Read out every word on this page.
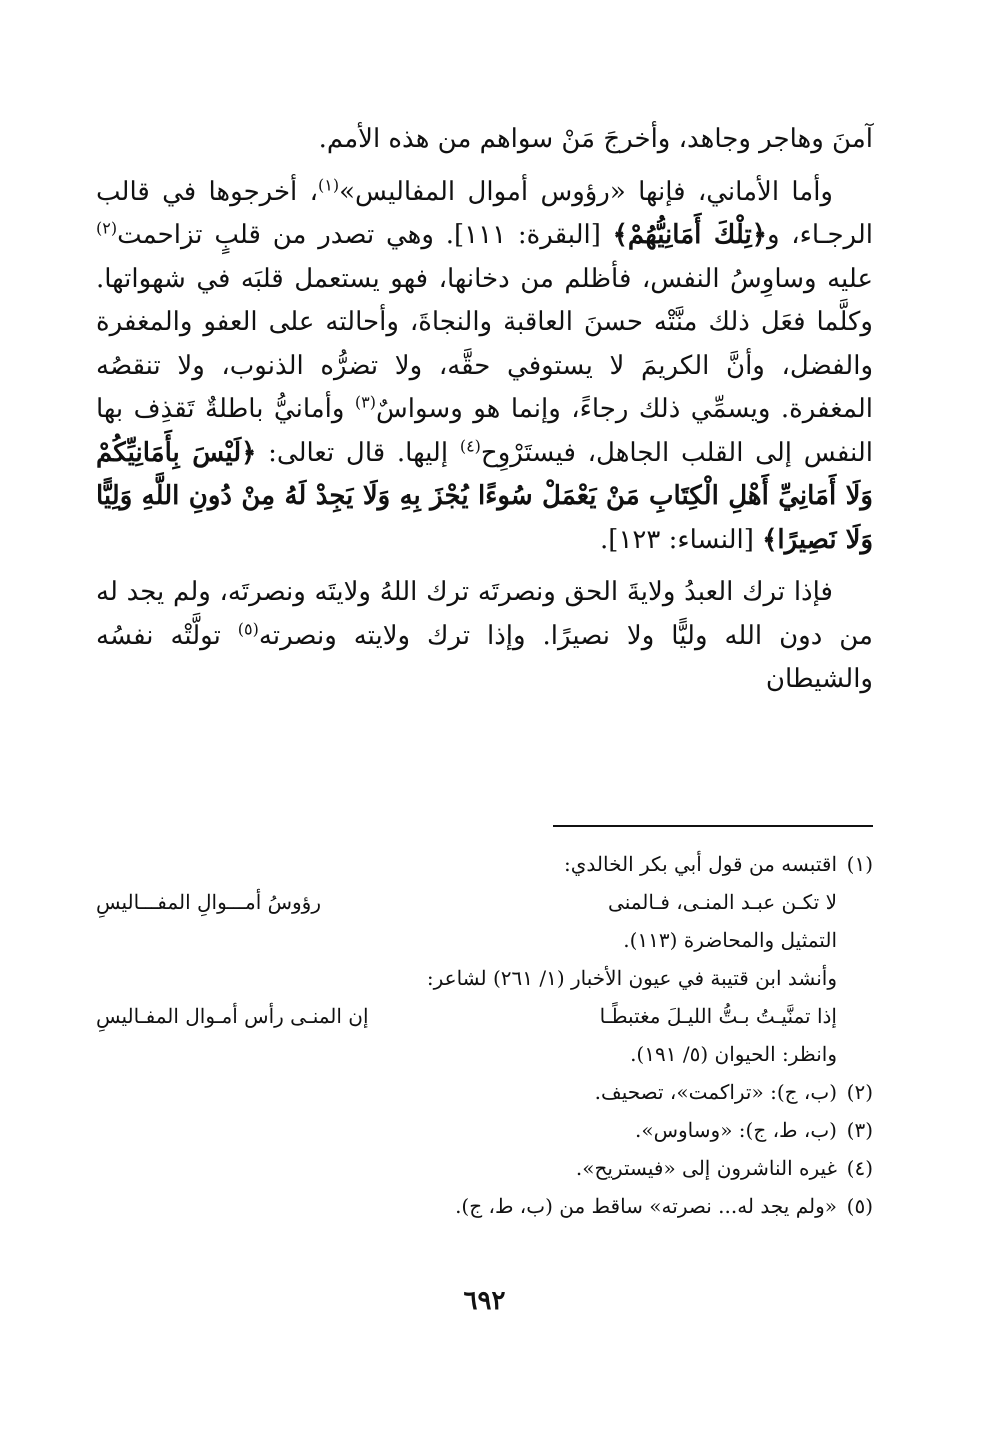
آمنَ وهاجر وجاهد، وأخرجَ مَنْ سواهم من هذه الأمم.

وأما الأماني، فإنها «رؤوس أموال المفاليس»$^{(١)}$، أخرجوها في قالب الرجـاء، و﴿تِلْكَ أَمَانِيُّهُمْ﴾ [البقرة: ١١١]. وهي تصدر من قلبٍ تزاحمت$^{(٢)}$ عليه وساوِسُ النفس، فأظلم من دخانها، فهو يستعمل قلبَه في شهواتها. وكلَّما فعَل ذلك منَّتْه حسنَ العاقبة والنجاةَ، وأحالته على العفو والمغفرة والفضل، وأنَّ الكريمَ لا يستوفي حقَّه، ولا تضرُّه الذنوب، ولا تنقصُه المغفرة. ويسمِّي ذلك رجاءً، وإنما هو وسواسٌ$^{(٣)}$ وأمانيُّ باطلةٌ تَقذِف بها النفس إلى القلب الجاهل، فيستَرْوِح$^{(٤)}$ إليها. قال تعالى: ﴿لَيْسَ بِأَمَانِيِّكُمْ وَلَا أَمَانِيِّ أَهْلِ الْكِتَابِ مَنْ يَعْمَلْ سُوءًا يُجْزَ بِهِ وَلَا يَجِدْ لَهُ مِنْ دُونِ اللَّهِ وَلِيًّا وَلَا نَصِيرًا﴾ [النساء: ١٢٣].

فإذا ترك العبدُ ولايةَ الحق ونصرتَه ترك اللهُ ولايتَه ونصرتَه، ولم يجد له من دون الله وليًّا ولا نصيرًا. وإذا ترك ولايته ونصرته$^{(٥)}$ تولَّتْه نفسُه والشيطان

(١)اقتبسه من قول أبي بكر الخالدي:

لا تكـن عبـد المنـى، فـالمنى
رؤوسُ أمـــوالِ المفـــاليسِ

التمثيل والمحاضرة (١١٣).

وأنشد ابن قتيبة في عيون الأخبار (١/ ٢٦١) لشاعر:

إذا تمنَّيـتُ بـتُّ الليـلَ مغتبطًـا
إن المنـى رأس أمـوال المفـاليسِ

وانظر: الحيوان (٥/ ١٩١).

(٢)(ب، ج): «تراكمت»، تصحيف.

(٣)(ب، ط، ج): «وساوس».

(٤)غيره الناشرون إلى «فيستريح».

(٥)«ولم يجد له... نصرته» ساقط من (ب، ط، ج).

٦٩٢
